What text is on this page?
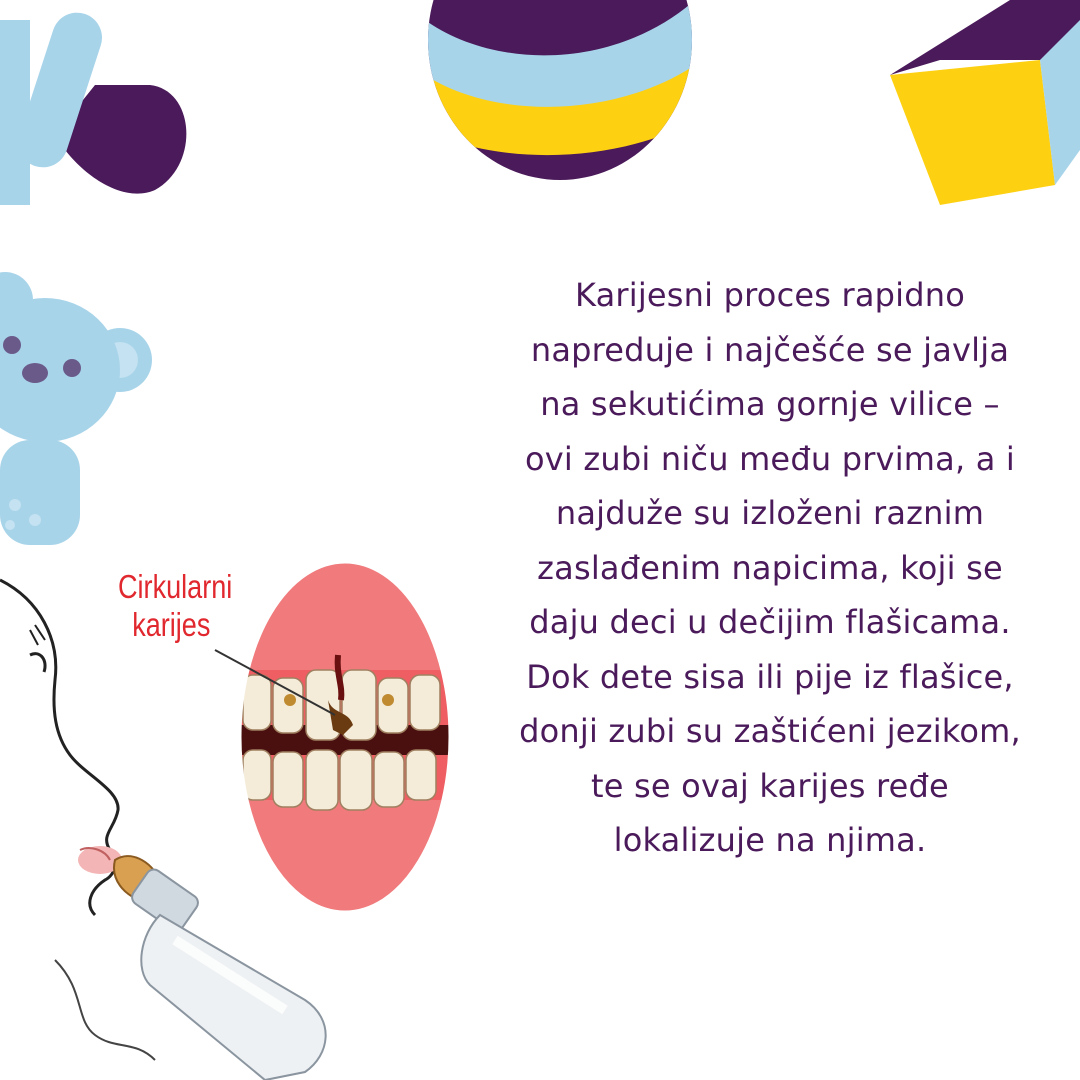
Cirkularni
karijes
Karijesni proces rapidno
napreduje i najčešće se javlja
na sekutićima gornje vilice –
ovi zubi niču među prvima, a i
najduže su izloženi raznim
zaslađenim napicima, koji se
daju deci u dečijim flašicama.
Dok dete sisa ili pije iz flašice,
donji zubi su zaštićeni jezikom,
te se ovaj karijes ređe
lokalizuje na njima.
